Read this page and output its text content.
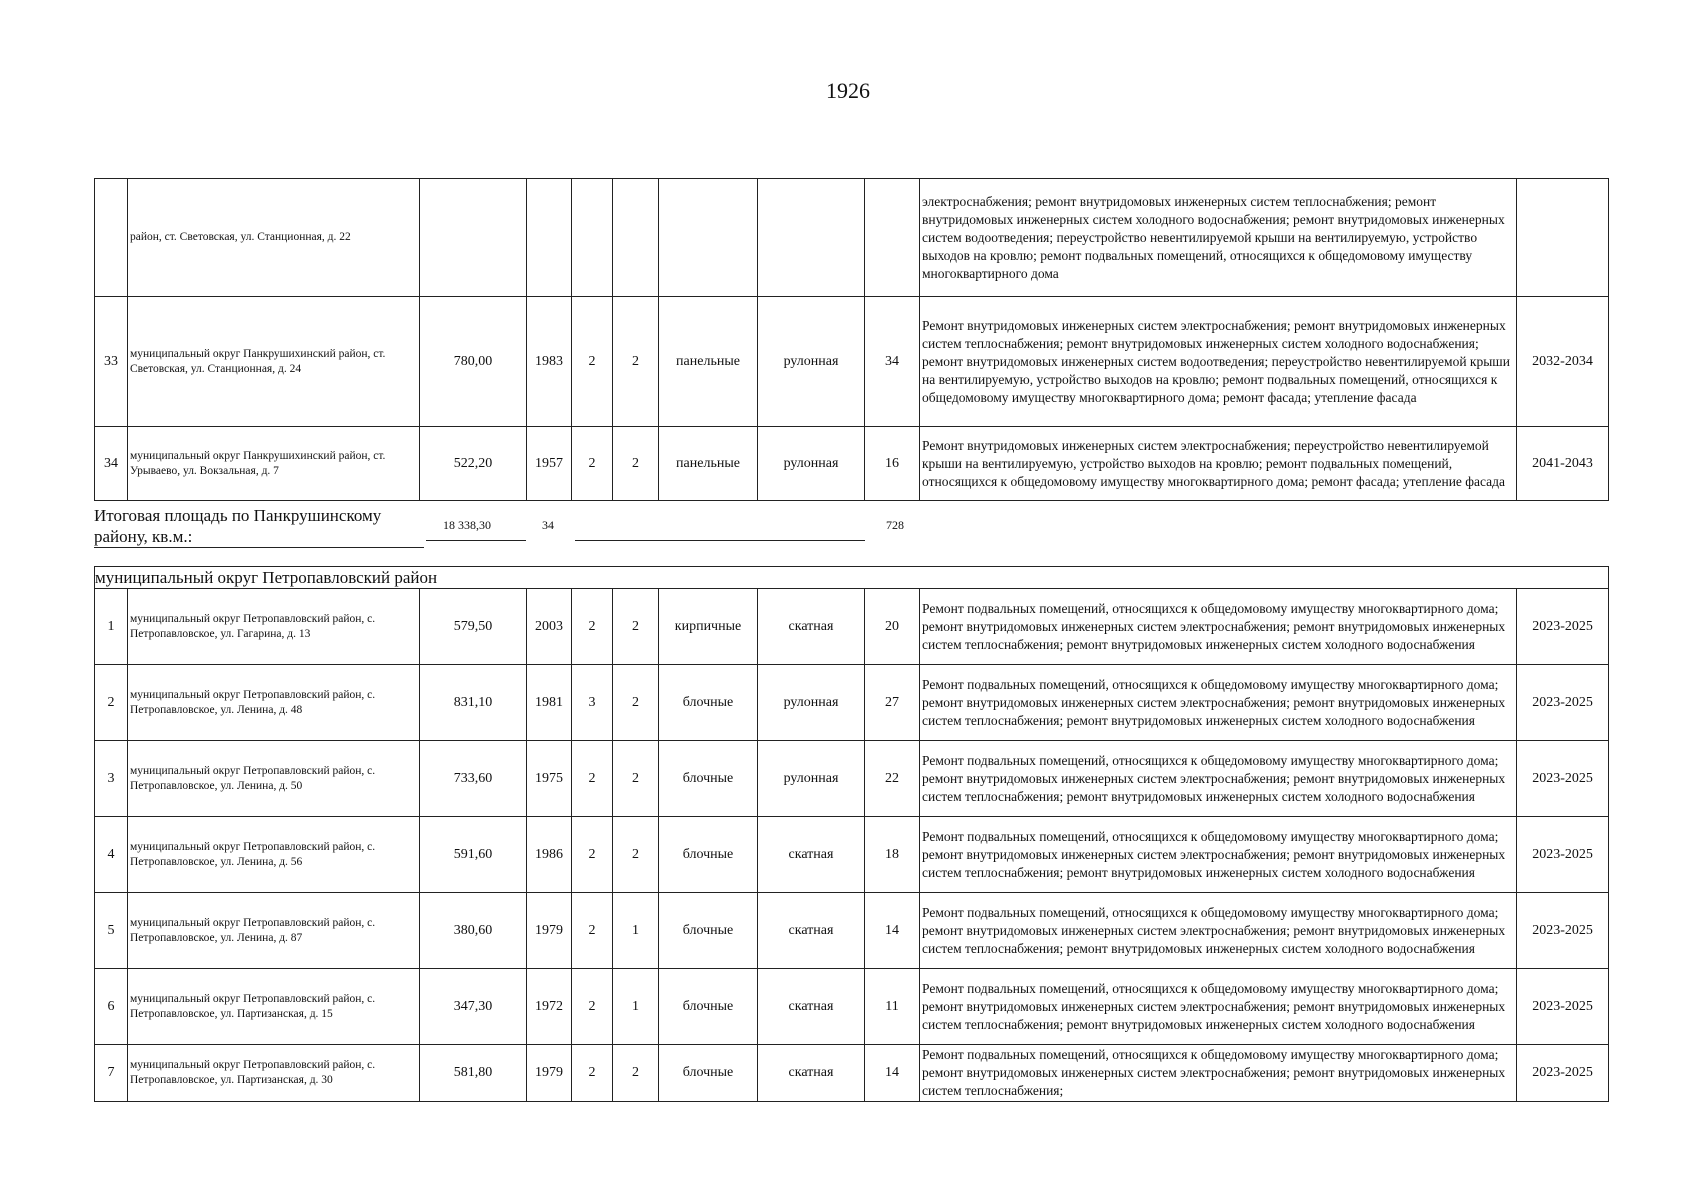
1926
	район, ст. Световская, ул. Станционная, д. 22								электроснабжения; ремонт внутридомовых инженерных систем теплоснабжения; ремонт внутридомовых инженерных систем холодного водоснабжения; ремонт внутридомовых инженерных систем водоотведения; переустройство невентилируемой крыши на вентилируемую, устройство выходов на кровлю; ремонт подвальных помещений, относящихся к общедомовому имуществу многоквартирного дома	
33	муниципальный округ Панкрушихинский район, ст. Световская, ул. Станционная, д. 24	780,00	1983	2	2	панельные	рулонная	34	Ремонт внутридомовых инженерных систем электроснабжения; ремонт внутридомовых инженерных систем теплоснабжения; ремонт внутридомовых инженерных систем холодного водоснабжения; ремонт внутридомовых инженерных систем водоотведения; переустройство невентилируемой крыши на вентилируемую, устройство выходов на кровлю; ремонт подвальных помещений, относящихся к общедомовому имуществу многоквартирного дома; ремонт фасада; утепление фасада	2032-2034
34	муниципальный округ Панкрушихинский район, ст. Урываево, ул. Вокзальная, д. 7	522,20	1957	2	2	панельные	рулонная	16	Ремонт внутридомовых инженерных систем электроснабжения; переустройство невентилируемой крыши на вентилируемую, устройство выходов на кровлю; ремонт подвальных помещений, относящихся к общедомовому имуществу многоквартирного дома; ремонт фасада; утепление фасада	2041-2043
Итоговая площадь по Панкрушинскому району, кв.м.:
18 338,30	34	728
муниципальный округ Петропавловский район										
1	муниципальный округ Петропавловский район, с. Петропавловское, ул. Гагарина, д. 13	579,50	2003	2	2	кирпичные	скатная	20	Ремонт подвальных помещений, относящихся к общедомовому имуществу многоквартирного дома; ремонт внутридомовых инженерных систем электроснабжения; ремонт внутридомовых инженерных систем теплоснабжения; ремонт внутридомовых инженерных систем холодного водоснабжения	2023-2025
2	муниципальный округ Петропавловский район, с. Петропавловское, ул. Ленина, д. 48	831,10	1981	3	2	блочные	рулонная	27	Ремонт подвальных помещений, относящихся к общедомовому имуществу многоквартирного дома; ремонт внутридомовых инженерных систем электроснабжения; ремонт внутридомовых инженерных систем теплоснабжения; ремонт внутридомовых инженерных систем холодного водоснабжения	2023-2025
3	муниципальный округ Петропавловский район, с. Петропавловское, ул. Ленина, д. 50	733,60	1975	2	2	блочные	рулонная	22	Ремонт подвальных помещений, относящихся к общедомовому имуществу многоквартирного дома; ремонт внутридомовых инженерных систем электроснабжения; ремонт внутридомовых инженерных систем теплоснабжения; ремонт внутридомовых инженерных систем холодного водоснабжения	2023-2025
4	муниципальный округ Петропавловский район, с. Петропавловское, ул. Ленина, д. 56	591,60	1986	2	2	блочные	скатная	18	Ремонт подвальных помещений, относящихся к общедомовому имуществу многоквартирного дома; ремонт внутридомовых инженерных систем электроснабжения; ремонт внутридомовых инженерных систем теплоснабжения; ремонт внутридомовых инженерных систем холодного водоснабжения	2023-2025
5	муниципальный округ Петропавловский район, с. Петропавловское, ул. Ленина, д. 87	380,60	1979	2	1	блочные	скатная	14	Ремонт подвальных помещений, относящихся к общедомовому имуществу многоквартирного дома; ремонт внутридомовых инженерных систем электроснабжения; ремонт внутридомовых инженерных систем теплоснабжения; ремонт внутридомовых инженерных систем холодного водоснабжения	2023-2025
6	муниципальный округ Петропавловский район, с. Петропавловское, ул. Партизанская, д. 15	347,30	1972	2	1	блочные	скатная	11	Ремонт подвальных помещений, относящихся к общедомовому имуществу многоквартирного дома; ремонт внутридомовых инженерных систем электроснабжения; ремонт внутридомовых инженерных систем теплоснабжения; ремонт внутридомовых инженерных систем холодного водоснабжения	2023-2025
7	муниципальный округ Петропавловский район, с. Петропавловское, ул. Партизанская, д. 30	581,80	1979	2	2	блочные	скатная	14	Ремонт подвальных помещений, относящихся к общедомовому имуществу многоквартирного дома; ремонт внутридомовых инженерных систем электроснабжения; ремонт внутридомовых инженерных систем теплоснабжения;	2023-2025
